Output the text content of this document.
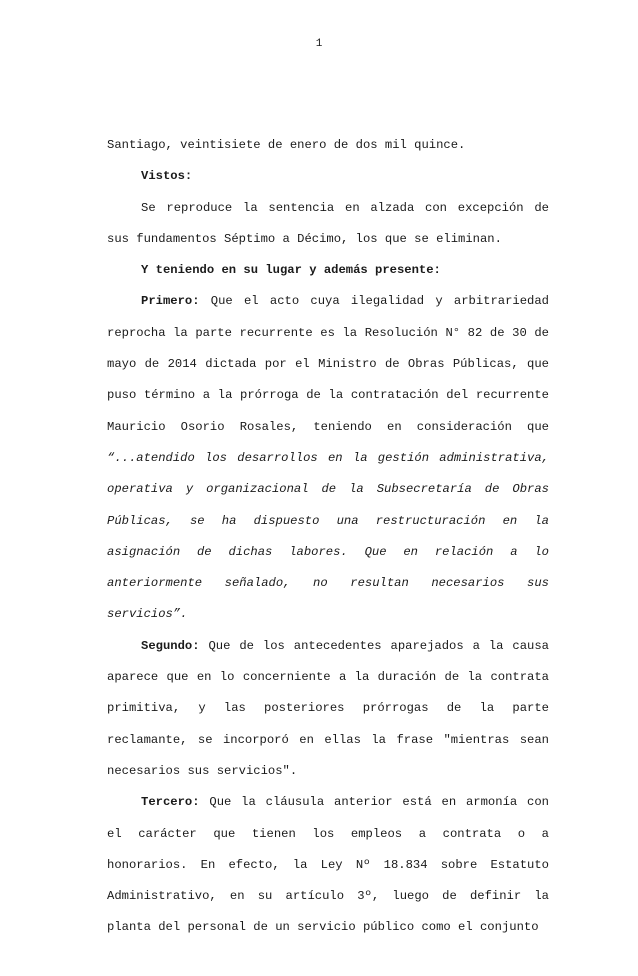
1

Santiago, veintisiete de enero de dos mil quince.

Vistos:

Se reproduce la sentencia en alzada con excepción de sus fundamentos Séptimo a Décimo, los que se eliminan.

Y teniendo en su lugar y además presente:

Primero: Que el acto cuya ilegalidad y arbitrariedad reprocha la parte recurrente es la Resolución N° 82 de 30 de mayo de 2014 dictada por el Ministro de Obras Públicas, que puso término a la prórroga de la contratación del recurrente Mauricio Osorio Rosales, teniendo en consideración que “...atendido los desarrollos en la gestión administrativa, operativa y organizacional de la Subsecretaría de Obras Públicas, se ha dispuesto una restructuración en la asignación de dichas labores. Que en relación a lo anteriormente señalado, no resultan necesarios sus servicios”.

Segundo: Que de los antecedentes aparejados a la causa aparece que en lo concerniente a la duración de la contrata primitiva, y las posteriores prórrogas de la parte reclamante, se incorporó en ellas la frase "mientras sean necesarios sus servicios".

Tercero: Que la cláusula anterior está en armonía con el carácter que tienen los empleos a contrata o a honorarios. En efecto, la Ley Nº 18.834 sobre Estatuto Administrativo, en su artículo 3º, luego de definir la planta del personal de un servicio público como el conjunto
